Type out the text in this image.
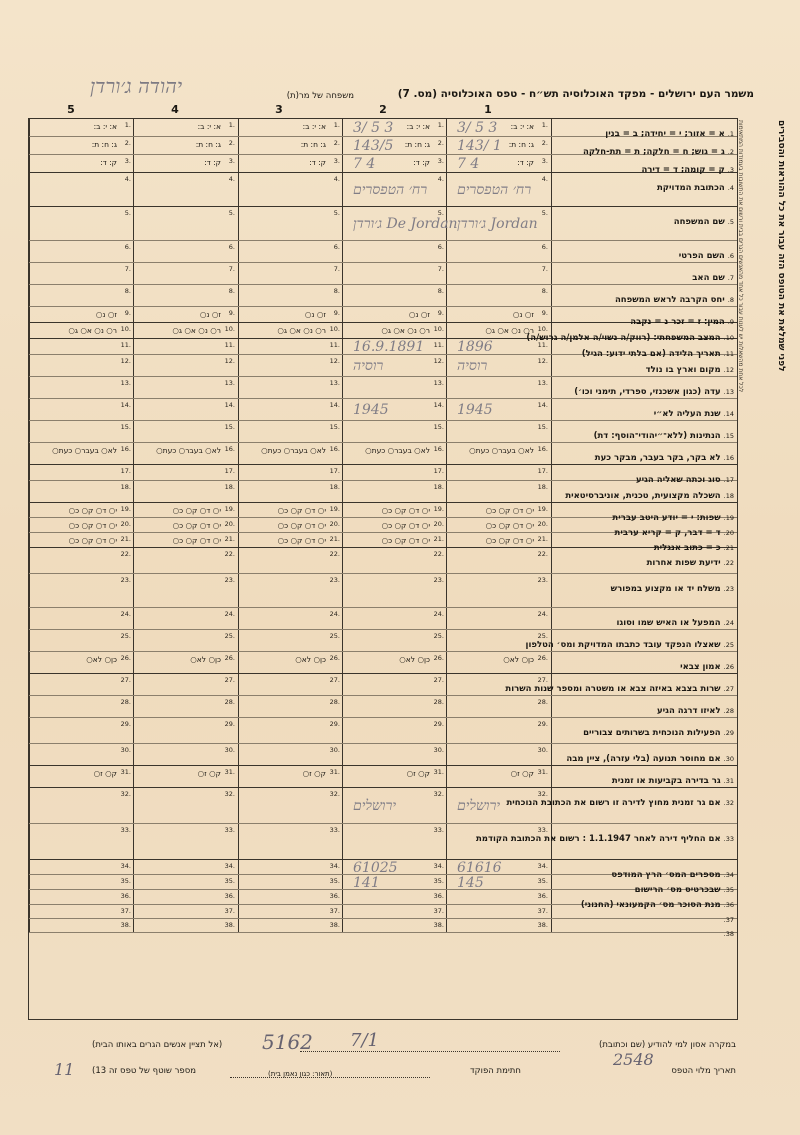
משמר העם ירושלים - מפקד האוכלוסיה תש״ח - טפס האוכלוסיה (מס. 7)
משפחה של מר(ת)
יהודה ג׳ורדן
1
2
3
4
5
לפני שמלאת את הטופס הזה עבור את כל ההוראות והסבירים
לכל אחת מהשאלות יש לענות עבור כל אחד מהאנשים הגרים בבית ורשום את התשובות בעמודות המתאימות
1.
א: י: ב:
3/ 5 3
1.
א: י: ב:
3/ 5 3
1.
א: י: ב:
1.
א: י: ב:
1.
א: י: ב:
1.א = אזור; י = יחידה; ב = בנין
2.
ג: ח: ת:
143/ 1
2.
ג: ח: ת:
143/5
2.
ג: ח: ת:
2.
ג: ח: ת:
2.
ג: ח: ת:
2.ג = גוש; ח = חלקה; ת = תת-חלקה
3.
ק: ד:
7 4
3.
ק: ד:
7 4
3.
ק: ד:
3.
ק: ד:
3.
ק: ד:
3.ק = קומה; ד = דירה
4.
רח׳ הטפסרים
4.
רח׳ הטפסרים
4.
4.
4.
4.הכתובת המדויקת
5.
ג׳ורדן Jordan
5.
ג׳ורדן De Jordan
5.
5.
5.
5.שם המשפחה
6.
6.
6.
6.
6.
6.השם הפרטי
7.
7.
7.
7.
7.
7.שם האב
8.
8.
8.
8.
8.
8.יחס הקרבה לראש המשפחה
9.
ז○ נ○
9.
ז○ נ○
9.
ז○ נ○
9.
ז○ נ○
9.
ז○ נ○
9.המין: ז = זכר נ = נקבה
10.
ר○ נ○ א○ ג○
10.
ר○ נ○ א○ ג○
10.
ר○ נ○ א○ ג○
10.
ר○ נ○ א○ ג○
10.
ר○ נ○ א○ ג○
10.המצב המשפחתי: (רווק/ה נשוי/ה אלמן/ה גרוש/ה)
11.
1896
11.
16.9.1891
11.
11.
11.
11.תאריך הלידה (אם בלתי ידוע: הגיל)
12.
רוסיה
12.
רוסיה
12.
12.
12.
12.מקום וארץ בו נולד
13.
13.
13.
13.
13.
13.עדה (כגון אשכנזי, ספרדי, תימני וכו׳)
14.
1945
14.
1945
14.
14.
14.
14.שנת העליה לא״י
15.
15.
15.
15.
15.
15.הנתינות (ללא־״יהודי־הוסף: דת)
16.
לא○ בעבר○ כעת○
16.
לא○ בעבר○ כעת○
16.
לא○ בעבר○ כעת○
16.
לא○ בעבר○ כעת○
16.
לא○ בעבר○ כעת○
16.לא בקר, בקר בעבר, מבקר כעת
17.
17.
17.
17.
17.
17.סוג וכתה שאליה הגיע
18.
18.
18.
18.
18.
18.השכלה מקצועית, טכנית, אוניברסיטאית
19.
י○ ד○ ק○ כ○
19.
י○ ד○ ק○ כ○
19.
י○ ד○ ק○ כ○
19.
י○ ד○ ק○ כ○
19.
י○ ד○ ק○ כ○
19.שפות: י = יודע היטב עברית
20.
י○ ד○ ק○ כ○
20.
י○ ד○ ק○ כ○
20.
י○ ד○ ק○ כ○
20.
י○ ד○ ק○ כ○
20.
י○ ד○ ק○ כ○
20.ד = דבר, ק = קריא ערבית
21.
י○ ד○ ק○ כ○
21.
י○ ד○ ק○ כ○
21.
י○ ד○ ק○ כ○
21.
י○ ד○ ק○ כ○
21.
י○ ד○ ק○ כ○
21.כ = כתוב אנגלית
22.
22.
22.
22.
22.
22.ידיעת שפות אחרות
23.
23.
23.
23.
23.
23.משלח יד או מקצוע במפורש
24.
24.
24.
24.
24.
24.המפעל או האיש שמו וסוגו
25.
25.
25.
25.
25.
25.שאצלו הנפקד עובד כתבתו המדויקת ומס׳ הטלפון
26.
כן○ לא○
26.
כן○ לא○
26.
כן○ לא○
26.
כן○ לא○
26.
כן○ לא○
26.אמון צבאי
27.
27.
27.
27.
27.
27.שרות בצבא באיזה צבא או משטרה ומספר שנות השרות
28.
28.
28.
28.
28.
28.לאיזו דרגה הגיע
29.
29.
29.
29.
29.
29.הפעילות הנוכחית בשרותים צבוריים
30.
30.
30.
30.
30.
30.אם מחוסר תנועה (בלי עזרה), ציין מבה
31.
ק○ ז○
31.
ק○ ז○
31.
ק○ ז○
31.
ק○ ז○
31.
ק○ ז○
31.גר בדירה בקביעות או זמנית
32.
ירושלים
32.
ירושלים
32.
32.
32.
32.אם גר זמנית מחוץ לדירה זו רשום את הכתובת הנוכחית
33.
33.
33.
33.
33.
33.אם החליף דירה לאחר 1.1.1947 : רשום את הכתובת הקודמת
34.
61616
34.
61025
34.
34.
34.
34.מספרים המס׳ הרץ המודפס
35.
145
35.
141
35.
35.
35.
35.שבכרטיס מס׳ הרישום
36.
36.
36.
36.
36.
36.מנת הסוכר מס׳ הקמעונאי (החנוני)
37.
37.
37.
37.
37.
37.
38.
38.
38.
38.
38.
38.
במקרה אסון למי להודיע (שם וכתובת)
(אל תציין אנשים הגרים באותו הבית)
תאריך מלוי הטפס
חתימת הפוקד
(תאור: כגון נאמן בית)
מספר שוטף של טפס זה 13)
11
5162 7/1
2548
